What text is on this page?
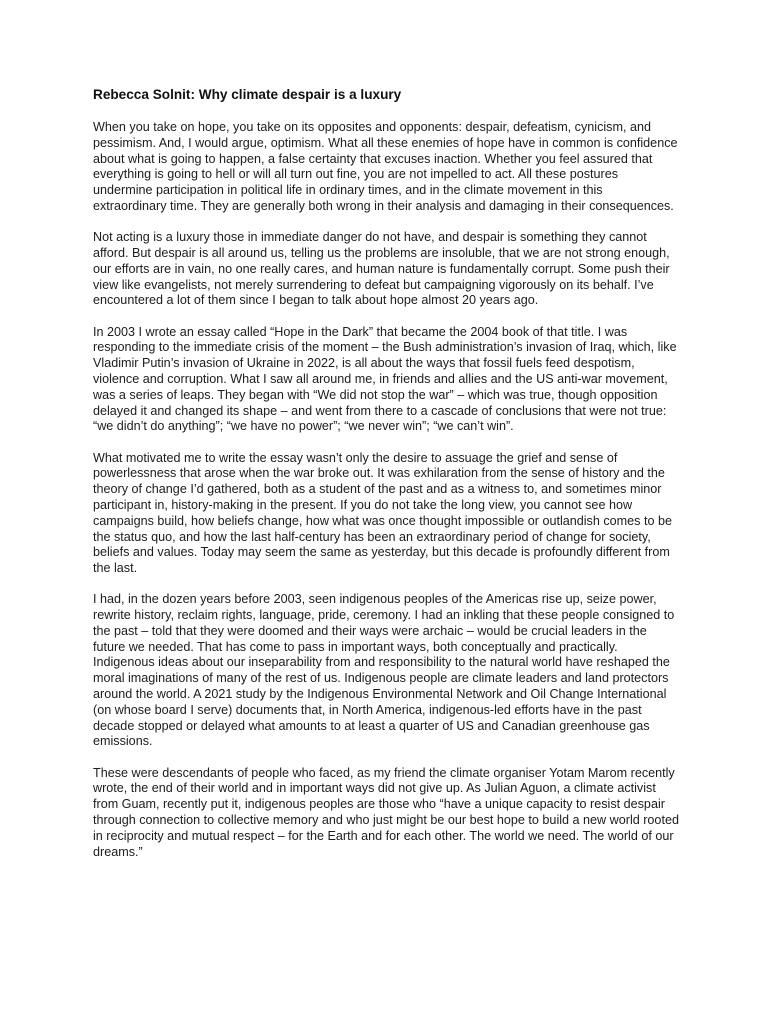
Rebecca Solnit: Why climate despair is a luxury

When you take on hope, you take on its opposites and opponents: despair, defeatism, cynicism, and pessimism. And, I would argue, optimism. What all these enemies of hope have in common is confidence about what is going to happen, a false certainty that excuses inaction. Whether you feel assured that everything is going to hell or will all turn out fine, you are not impelled to act. All these postures undermine participation in political life in ordinary times, and in the climate movement in this extraordinary time. They are generally both wrong in their analysis and damaging in their consequences.

Not acting is a luxury those in immediate danger do not have, and despair is something they cannot afford. But despair is all around us, telling us the problems are insoluble, that we are not strong enough, our efforts are in vain, no one really cares, and human nature is fundamentally corrupt. Some push their view like evangelists, not merely surrendering to defeat but campaigning vigorously on its behalf. I’ve encountered a lot of them since I began to talk about hope almost 20 years ago.

In 2003 I wrote an essay called “Hope in the Dark” that became the 2004 book of that title. I was responding to the immediate crisis of the moment – the Bush administration’s invasion of Iraq, which, like Vladimir Putin’s invasion of Ukraine in 2022, is all about the ways that fossil fuels feed despotism, violence and corruption. What I saw all around me, in friends and allies and the US anti-war movement, was a series of leaps. They began with “We did not stop the war” – which was true, though opposition delayed it and changed its shape – and went from there to a cascade of conclusions that were not true: “we didn’t do anything”; “we have no power”; “we never win”; “we can’t win”.

What motivated me to write the essay wasn’t only the desire to assuage the grief and sense of powerlessness that arose when the war broke out. It was exhilaration from the sense of history and the theory of change I’d gathered, both as a student of the past and as a witness to, and sometimes minor participant in, history-making in the present. If you do not take the long view, you cannot see how campaigns build, how beliefs change, how what was once thought impossible or outlandish comes to be the status quo, and how the last half-century has been an extraordinary period of change for society, beliefs and values. Today may seem the same as yesterday, but this decade is profoundly different from the last.

I had, in the dozen years before 2003, seen indigenous peoples of the Americas rise up, seize power, rewrite history, reclaim rights, language, pride, ceremony. I had an inkling that these people consigned to the past – told that they were doomed and their ways were archaic – would be crucial leaders in the future we needed. That has come to pass in important ways, both conceptually and practically. Indigenous ideas about our inseparability from and responsibility to the natural world have reshaped the moral imaginations of many of the rest of us. Indigenous people are climate leaders and land protectors around the world. A 2021 study by the Indigenous Environmental Network and Oil Change International (on whose board I serve) documents that, in North America, indigenous-led efforts have in the past decade stopped or delayed what amounts to at least a quarter of US and Canadian greenhouse gas emissions.

These were descendants of people who faced, as my friend the climate organiser Yotam Marom recently wrote, the end of their world and in important ways did not give up. As Julian Aguon, a climate activist from Guam, recently put it, indigenous peoples are those who “have a unique capacity to resist despair through connection to collective memory and who just might be our best hope to build a new world rooted in reciprocity and mutual respect – for the Earth and for each other. The world we need. The world of our dreams.”
